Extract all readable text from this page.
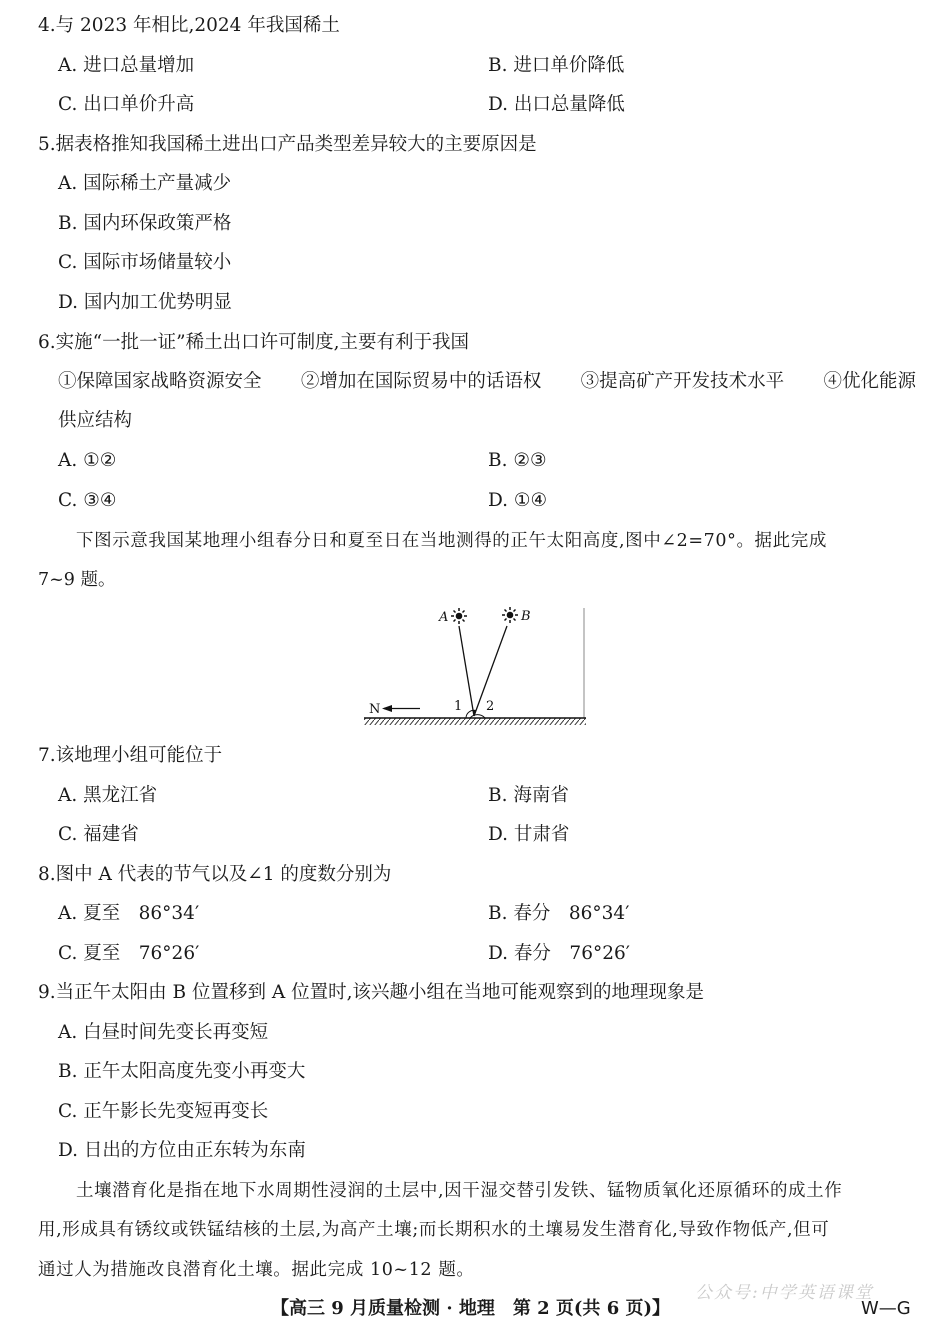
4.与 2023 年相比,2024 年我国稀土
A. 进口总量增加	B. 进口单价降低
C. 出口单价升高	D. 出口总量降低
5.据表格推知我国稀土进出口产品类型差异较大的主要原因是
A. 国际稀土产量减少
B. 国内环保政策严格
C. 国际市场储量较小
D. 国内加工优势明显
6.实施“一批一证”稀土出口许可制度,主要有利于我国
①保障国家战略资源安全 ②增加在国际贸易中的话语权 ③提高矿产开发技术水平 ④优化能源
供应结构
A. ①②	B. ②③
C. ③④	D. ①④
下图示意我国某地理小组春分日和夏至日在当地测得的正午太阳高度,图中∠2=70°。据此完成
7~9 题。
A	B
1 2
N
7.该地理小组可能位于
A. 黑龙江省	B. 海南省
C. 福建省	D. 甘肃省
8.图中 A 代表的节气以及∠1 的度数分别为
A. 夏至　86°34′	B. 春分　86°34′
C. 夏至　76°26′	D. 春分　76°26′
9.当正午太阳由 B 位置移到 A 位置时,该兴趣小组在当地可能观察到的地理现象是
A. 白昼时间先变长再变短
B. 正午太阳高度先变小再变大
C. 正午影长先变短再变长
D. 日出的方位由正东转为东南
土壤潜育化是指在地下水周期性浸润的土层中,因干湿交替引发铁、锰物质氧化还原循环的成土作
用,形成具有锈纹或铁锰结核的土层,为高产土壤;而长期积水的土壤易发生潜育化,导致作物低产,但可
通过人为措施改良潜育化土壤。据此完成 10~12 题。
公众号:中学英语课堂
【高三 9 月质量检测 · 地理　第 2 页(共 6 页)】	W—G
